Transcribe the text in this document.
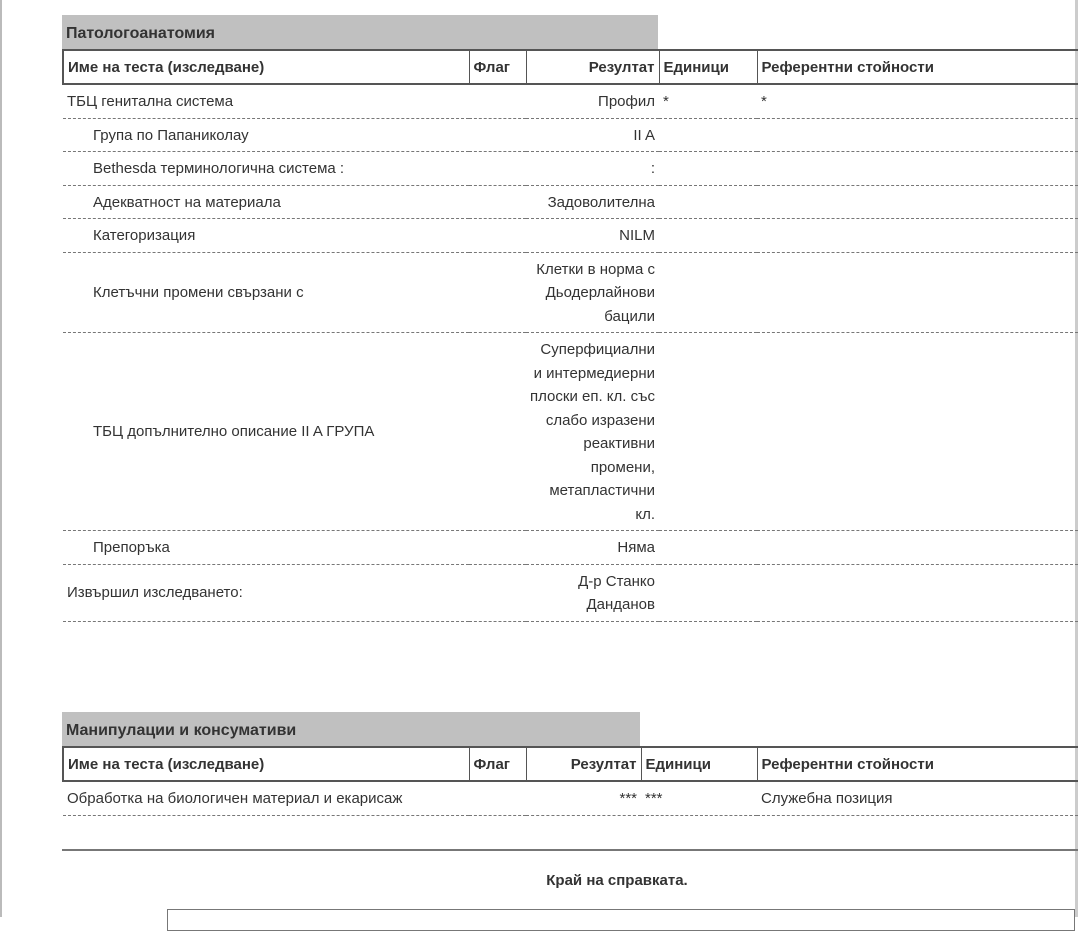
Патологоанатомия
Име на теста (изследване)	Флаг	Резултат	Единици	Референтни стойности
ТБЦ генитална система		Профил	*	*
Група по Папаниколау		II A		
Bethesda терминологична система :		:		
Адекватност на материала		Задоволителна		
Категоризация		NILM		
Клетъчни промени свързани с		Клетки в норма с Дьодерлайнови бацили		
ТБЦ допълнително описание II A ГРУПА		Суперфициални и интермедиерни плоски еп. кл. със слабо изразени реактивни промени, метапластични кл.		
Препоръка		Няма		
Извършил изследването:		Д-р Станко Данданов		
Манипулации и консумативи
Име на теста (изследване)	Флаг	Резултат	Единици	Референтни стойности
Обработка на биологичен материал и екарисаж		***	***	Служебна позиция
Край на справката.
